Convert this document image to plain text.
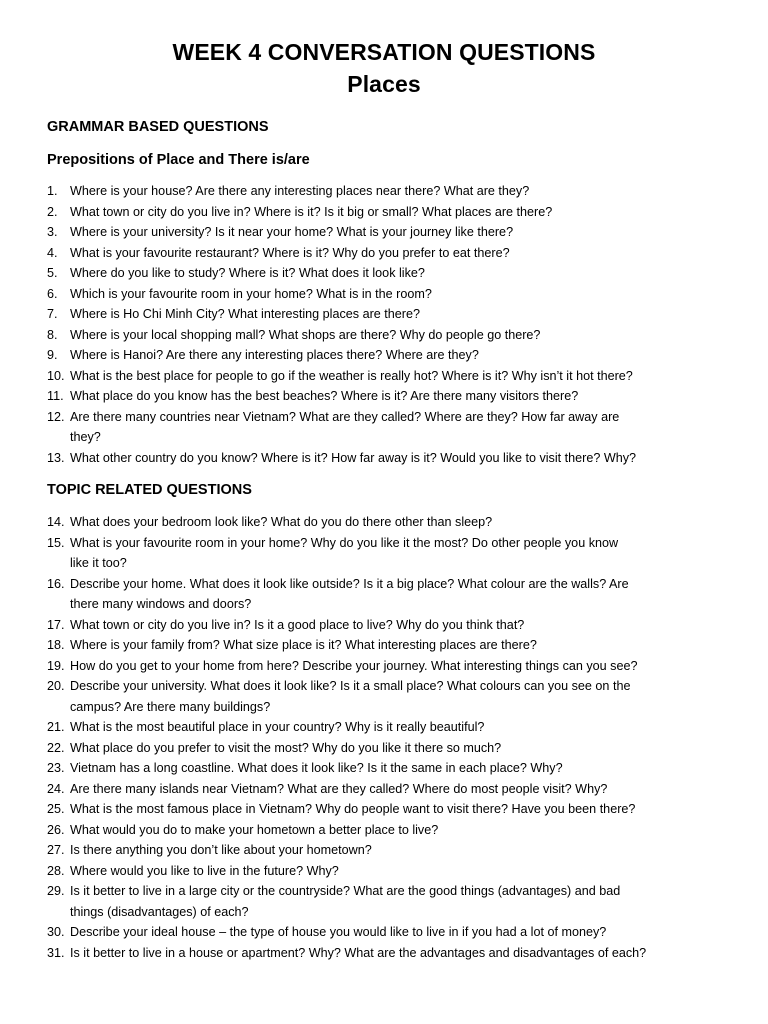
WEEK 4 CONVERSATION QUESTIONS
Places
GRAMMAR BASED QUESTIONS
Prepositions of Place and There is/are
1. Where is your house? Are there any interesting places near there? What are they?
2. What town or city do you live in? Where is it? Is it big or small? What places are there?
3. Where is your university? Is it near your home? What is your journey like there?
4. What is your favourite restaurant? Where is it? Why do you prefer to eat there?
5. Where do you like to study? Where is it? What does it look like?
6. Which is your favourite room in your home? What is in the room?
7. Where is Ho Chi Minh City? What interesting places are there?
8. Where is your local shopping mall? What shops are there? Why do people go there?
9. Where is Hanoi? Are there any interesting places there? Where are they?
10. What is the best place for people to go if the weather is really hot? Where is it? Why isn’t it hot there?
11. What place do you know has the best beaches? Where is it? Are there many visitors there?
12. Are there many countries near Vietnam? What are they called? Where are they? How far away are
they?
13. What other country do you know? Where is it? How far away is it? Would you like to visit there? Why?
TOPIC RELATED QUESTIONS
14. What does your bedroom look like? What do you do there other than sleep?
15. What is your favourite room in your home? Why do you like it the most? Do other people you know
like it too?
16. Describe your home. What does it look like outside? Is it a big place? What colour are the walls? Are
there many windows and doors?
17. What town or city do you live in? Is it a good place to live? Why do you think that?
18. Where is your family from? What size place is it? What interesting places are there?
19. How do you get to your home from here? Describe your journey. What interesting things can you see?
20. Describe your university. What does it look like? Is it a small place? What colours can you see on the
campus? Are there many buildings?
21. What is the most beautiful place in your country? Why is it really beautiful?
22. What place do you prefer to visit the most? Why do you like it there so much?
23. Vietnam has a long coastline. What does it look like? Is it the same in each place? Why?
24. Are there many islands near Vietnam? What are they called? Where do most people visit? Why?
25. What is the most famous place in Vietnam? Why do people want to visit there? Have you been there?
26. What would you do to make your hometown a better place to live?
27. Is there anything you don’t like about your hometown?
28. Where would you like to live in the future? Why?
29. Is it better to live in a large city or the countryside? What are the good things (advantages) and bad
things (disadvantages) of each?
30. Describe your ideal house – the type of house you would like to live in if you had a lot of money?
31. Is it better to live in a house or apartment? Why? What are the advantages and disadvantages of each?
